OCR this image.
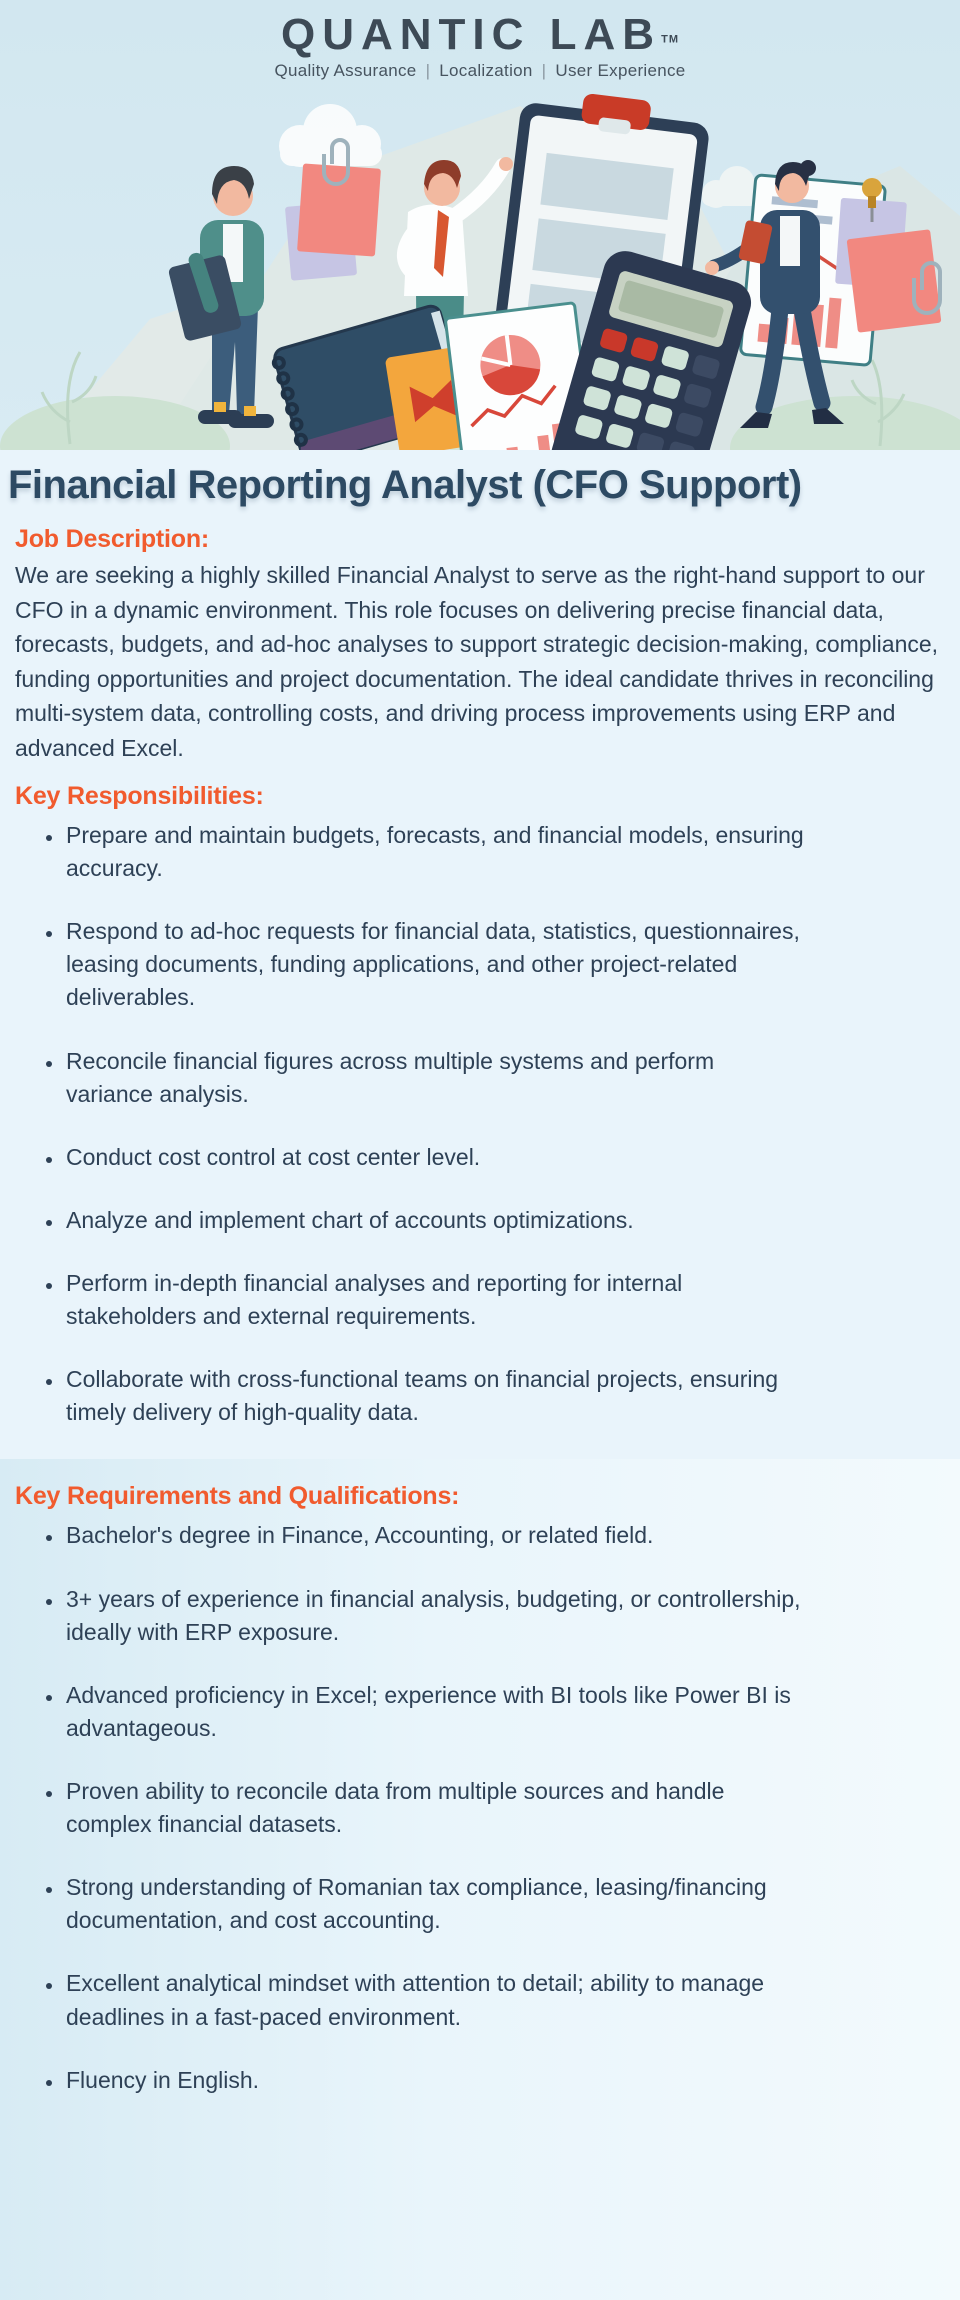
QUANTIC LAB™
Quality Assurance | Localization | User Experience
Financial Reporting Analyst (CFO Support)
Job Description:

We are seeking a highly skilled Financial Analyst to serve as the right-hand support to our CFO in a dynamic environment. This role focuses on delivering precise financial data, forecasts, budgets, and ad-hoc analyses to support strategic decision-making, compliance, funding opportunities and project documentation. The ideal candidate thrives in reconciling multi-system data, controlling costs, and driving process improvements using ERP and advanced Excel.

Key Responsibilities:
• Prepare and maintain budgets, forecasts, and financial models, ensuring accuracy.
• Respond to ad-hoc requests for financial data, statistics, questionnaires, leasing documents, funding applications, and other project-related deliverables.
• Reconcile financial figures across multiple systems and perform variance analysis.
• Conduct cost control at cost center level.
• Analyze and implement chart of accounts optimizations.
• Perform in-depth financial analyses and reporting for internal stakeholders and external requirements.
• Collaborate with cross-functional teams on financial projects, ensuring timely delivery of high-quality data.
Key Requirements and Qualifications:
• Bachelor's degree in Finance, Accounting, or related field.
• 3+ years of experience in financial analysis, budgeting, or controllership, ideally with ERP exposure.
• Advanced proficiency in Excel; experience with BI tools like Power BI is advantageous.
• Proven ability to reconcile data from multiple sources and handle complex financial datasets.
• Strong understanding of Romanian tax compliance, leasing/financing documentation, and cost accounting.
• Excellent analytical mindset with attention to detail; ability to manage deadlines in a fast-paced environment.
• Fluency in English.
